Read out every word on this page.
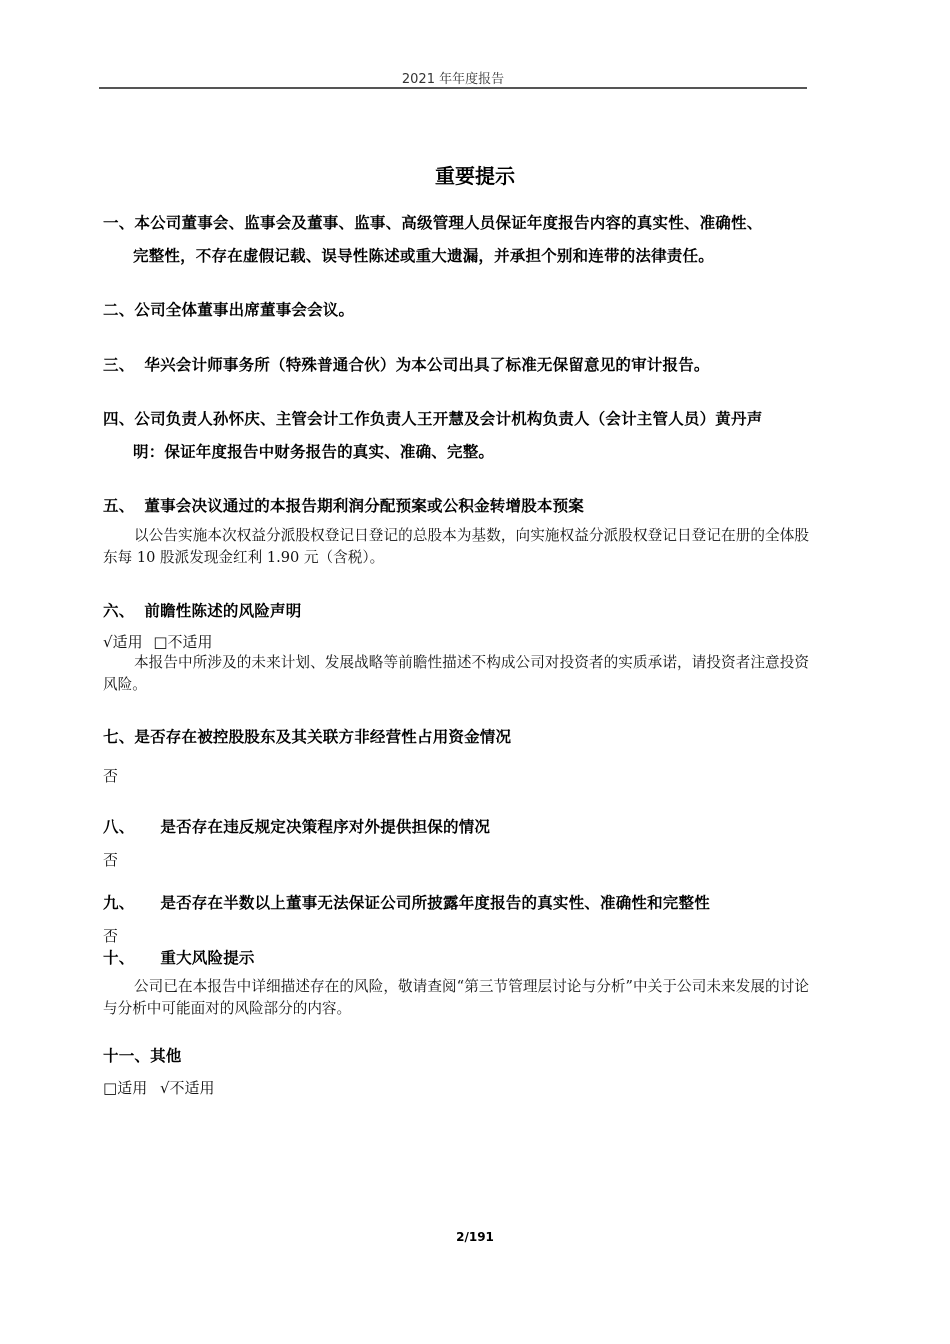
2021 年年度报告
重要提示
一、本公司董事会、监事会及董事、监事、高级管理人员保证年度报告内容的真实性、准确性、
完整性，不存在虚假记载、误导性陈述或重大遗漏，并承担个别和连带的法律责任。
二、公司全体董事出席董事会会议。
三、 华兴会计师事务所（特殊普通合伙）为本公司出具了标准无保留意见的审计报告。
四、公司负责人孙怀庆、主管会计工作负责人王开慧及会计机构负责人（会计主管人员）黄丹声
明：保证年度报告中财务报告的真实、准确、完整。
五、 董事会决议通过的本报告期利润分配预案或公积金转增股本预案
以公告实施本次权益分派股权登记日登记的总股本为基数，向实施权益分派股权登记日登记在册的全体股东每 10 股派发现金红利 1.90 元（含税）。
六、 前瞻性陈述的风险声明
√适用 □不适用
本报告中所涉及的未来计划、发展战略等前瞻性描述不构成公司对投资者的实质承诺，请投资者注意投资风险。
七、是否存在被控股股东及其关联方非经营性占用资金情况
否
八、 是否存在违反规定决策程序对外提供担保的情况
否
九、 是否存在半数以上董事无法保证公司所披露年度报告的真实性、准确性和完整性
否
十、 重大风险提示
公司已在本报告中详细描述存在的风险，敬请查阅“第三节管理层讨论与分析”中关于公司未来发展的讨论与分析中可能面对的风险部分的内容。
十一、其他
□适用 √不适用
2/191
